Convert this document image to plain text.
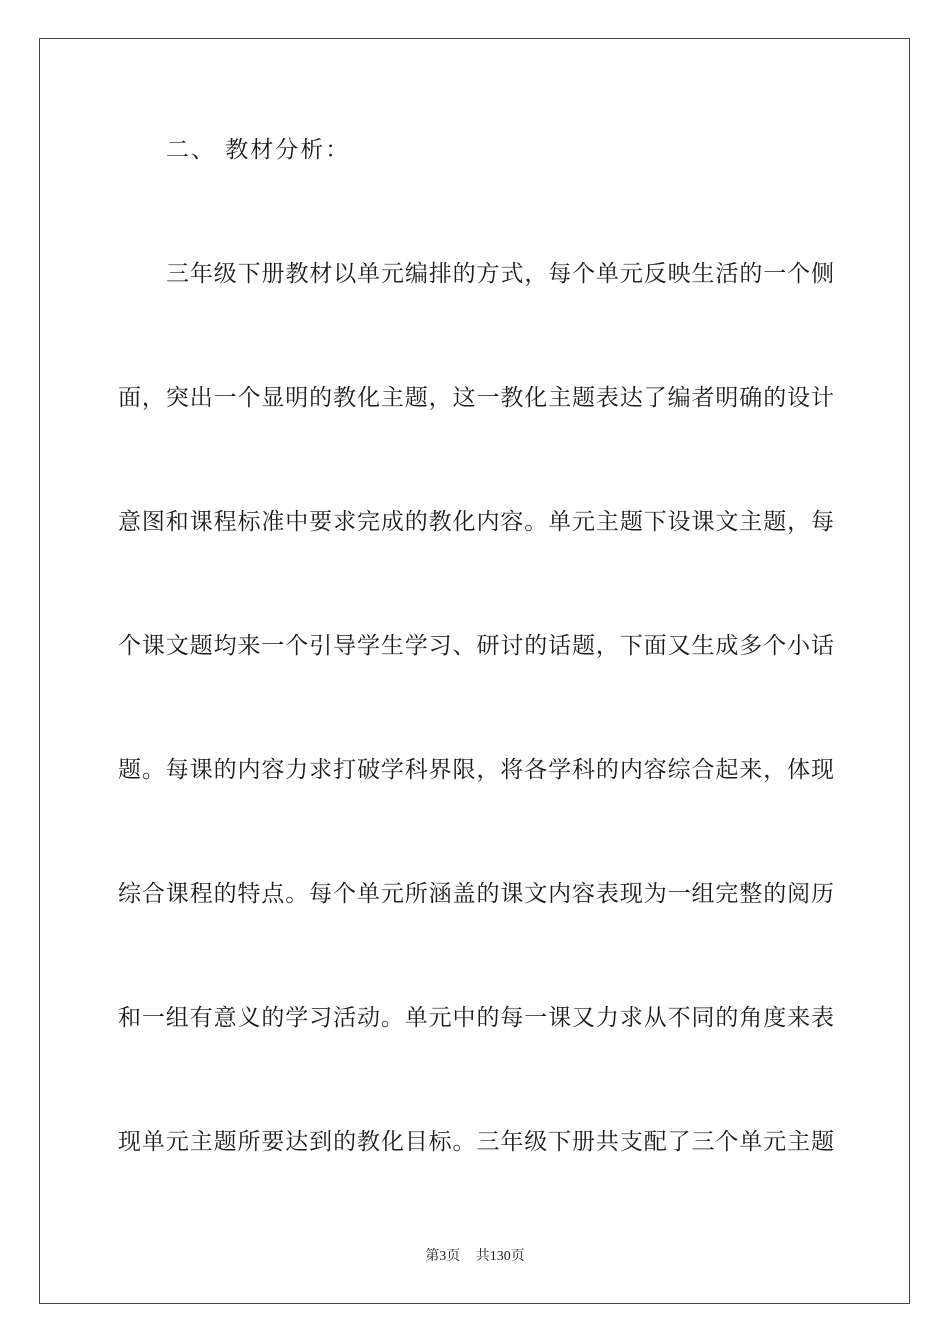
二、 教材分析：
三年级下册教材以单元编排的方式，每个单元反映生活的一个侧
面，突出一个显明的教化主题，这一教化主题表达了编者明确的设计
意图和课程标准中要求完成的教化内容。单元主题下设课文主题，每
个课文题均来一个引导学生学习、研讨的话题，下面又生成多个小话
题。每课的内容力求打破学科界限，将各学科的内容综合起来，体现
综合课程的特点。每个单元所涵盖的课文内容表现为一组完整的阅历
和一组有意义的学习活动。单元中的每一课又力求从不同的角度来表
现单元主题所要达到的教化目标。三年级下册共支配了三个单元主题
第3页 共130页
